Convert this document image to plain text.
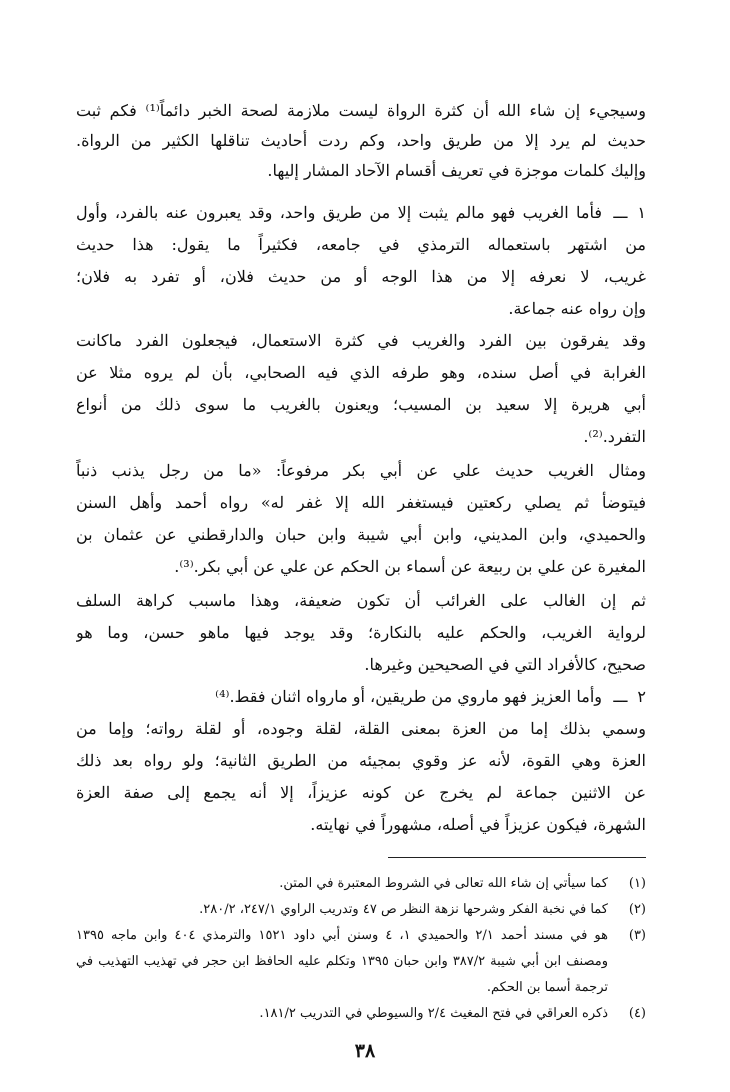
وسيجيء إن شاء الله أن كثرة الرواة ليست ملازمة لصحة الخبر دائماً⁽¹⁾ فكم ثبت
حديث لم يرد إلا من طريق واحد، وكم ردت أحاديث تناقلها الكثير من الرواة.
وإليك كلمات موجزة في تعريف أقسام الآحاد المشار إليها.
١ـــ
فأما الغريب فهو مالم يثبت إلا من طريق واحد، وقد يعبرون عنه بالفرد، وأول
من اشتهر باستعماله الترمذي في جامعه، فكثيراً ما يقول: هذا حديث
غريب، لا نعرفه إلا من هذا الوجه أو من حديث فلان، أو تفرد به فلان؛
وإن رواه عنه جماعة.
وقد يفرقون بين الفرد والغريب في كثرة الاستعمال، فيجعلون الفرد ماكانت
الغرابة في أصل سنده، وهو طرفه الذي فيه الصحابي، بأن لم يروه مثلا عن
أبي هريرة إلا سعيد بن المسيب؛ ويعنون بالغريب ما سوى ذلك من أنواع
التفرد.⁽²⁾.
ومثال الغريب حديث علي عن أبي بكر مرفوعاً: «ما من رجل يذنب ذنباً
فيتوضأ ثم يصلي ركعتين فيستغفر الله إلا غفر له» رواه أحمد وأهل السنن
والحميدي، وابن المديني، وابن أبي شيبة وابن حبان والدارقطني عن عثمان بن
المغيرة عن علي بن ربيعة عن أسماء بن الحكم عن علي عن أبي بكر.⁽³⁾.
ثم إن الغالب على الغرائب أن تكون ضعيفة، وهذا ماسبب كراهة السلف
لرواية الغريب، والحكم عليه بالنكارة؛ وقد يوجد فيها ماهو حسن، وما هو
صحيح، كالأفراد التي في الصحيحين وغيرها.
٢ـــ
وأما العزيز فهو ماروي من طريقين، أو مارواه اثنان فقط.⁽⁴⁾
وسمي بذلك إما من العزة بمعنى القلة، لقلة وجوده، أو لقلة رواته؛ وإما من
العزة وهي القوة، لأنه عز وقوي بمجيئه من الطريق الثانية؛ ولو رواه بعد ذلك
عن الاثنين جماعة لم يخرج عن كونه عزيزاً، إلا أنه يجمع إلى صفة العزة
الشهرة، فيكون عزيزاً في أصله، مشهوراً في نهايته.
(١)
كما سيأتي إن شاء الله تعالى في الشروط المعتبرة في المتن.
(٢)
كما في نخبة الفكر وشرحها نزهة النظر ص ٤٧ وتدريب الراوي ٢٤٧/١، ٢٨٠/٢.
(٣)
هو في مسند أحمد ٢/١ والحميدي ١، ٤ وسنن أبي داود ١٥٢١ والترمذي ٤٠٤ وابن ماجه ١٣٩٥
ومصنف ابن أبي شيبة ٣٨٧/٢ وابن حبان ١٣٩٥ وتكلم عليه الحافظ ابن حجر في تهذيب التهذيب في
ترجمة أسما بن الحكم.
(٤)
ذكره العراقي في فتح المغيث ٢/٤ والسيوطي في التدريب ١٨١/٢.
٣٨
